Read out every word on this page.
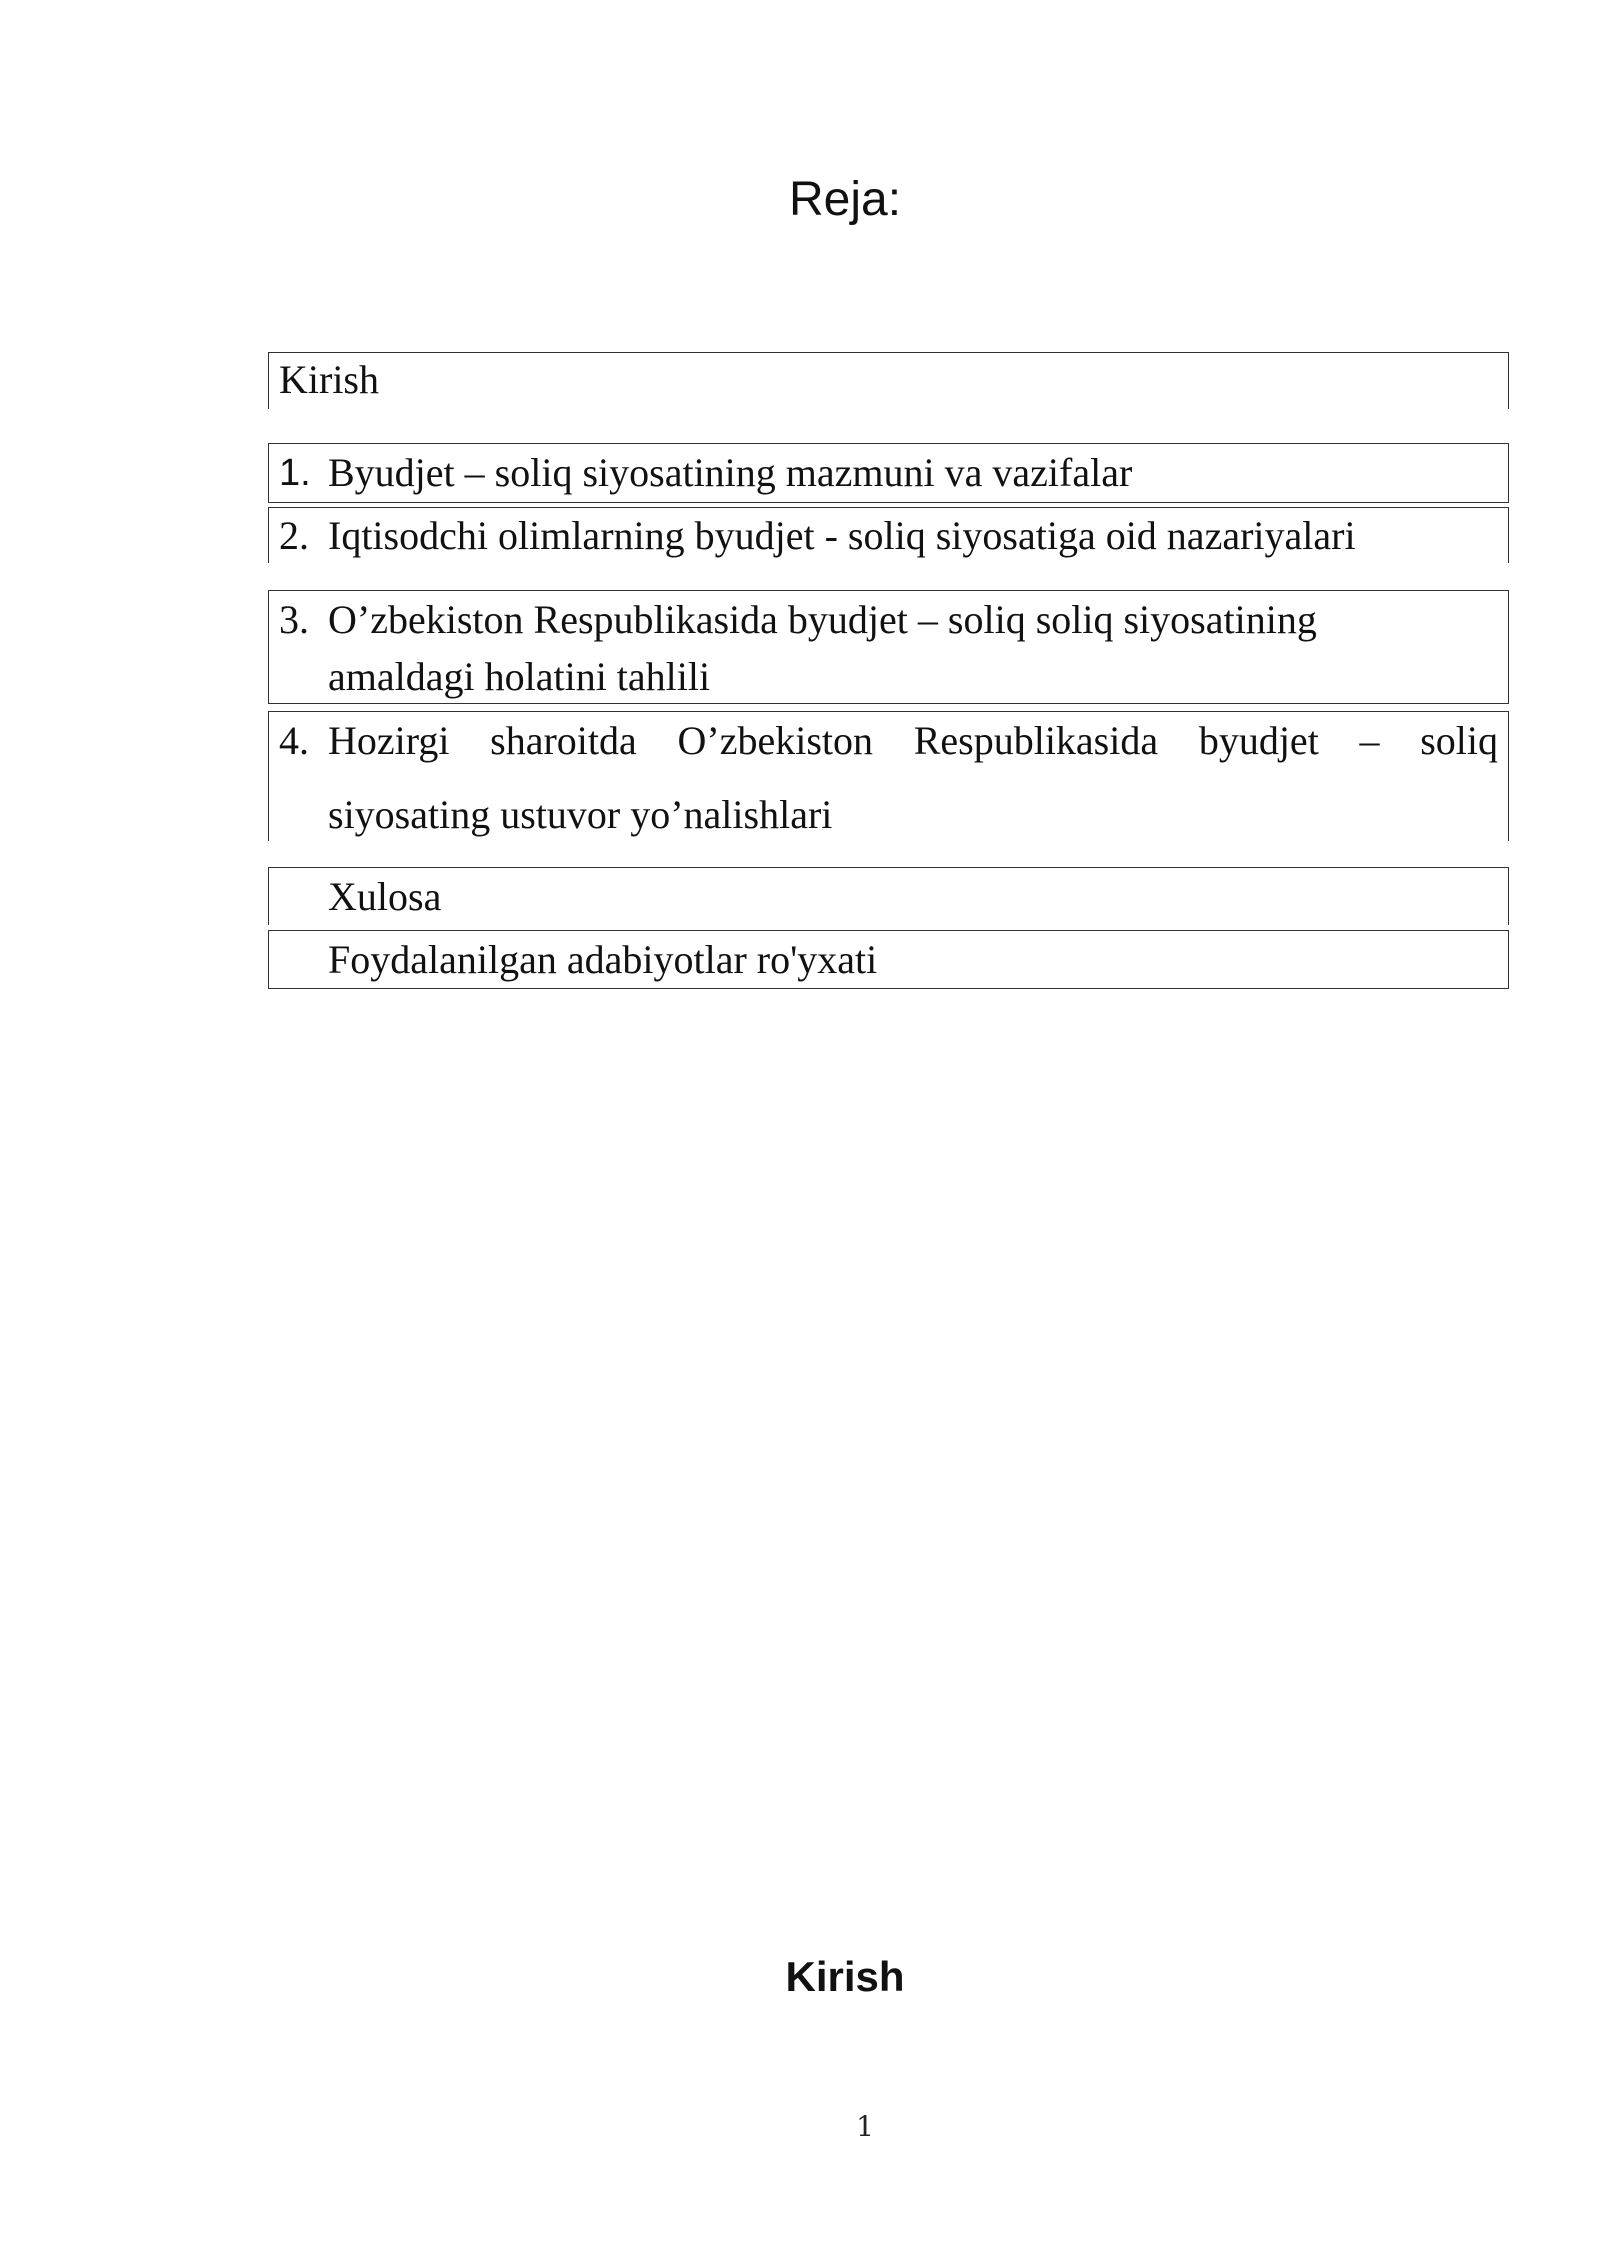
Reja:
Kirish
1. Byudjet – soliq siyosatining mazmuni va vazifalar
2. Iqtisodchi olimlarning byudjet - soliq siyosatiga oid nazariyalari
3. O’zbekiston Respublikasida byudjet – soliq soliq siyosatining
amaldagi holatini tahlili
4. Hozirgi sharoitda O’zbekiston Respublikasida byudjet – soliq
siyosating ustuvor yo’nalishlari
Xulosa
Foydalanilgan adabiyotlar ro'yxati
Kirish
1
